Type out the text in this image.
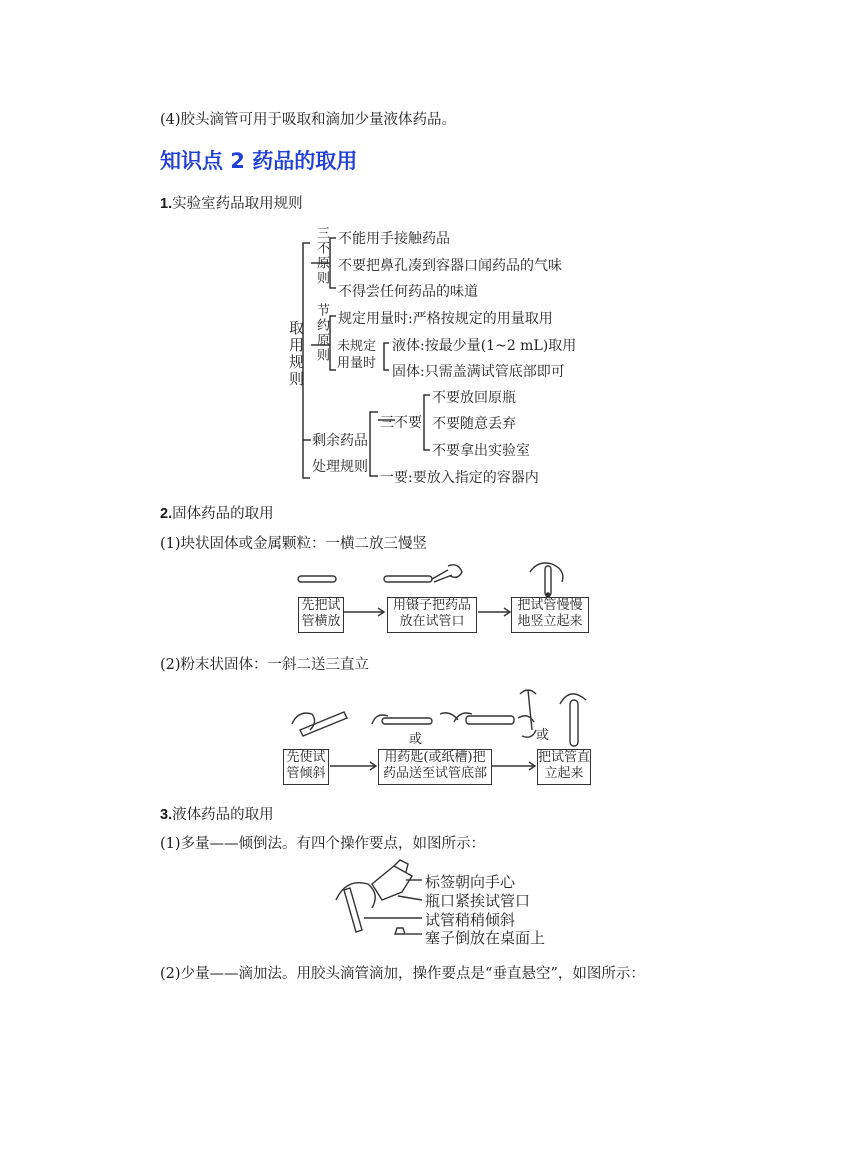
(4)胶头滴管可用于吸取和滴加少量液体药品。
知识点 2 药品的取用
1.实验室药品取用规则
取用规则
三不原则
节约原则
不能用手接触药品
不要把鼻孔凑到容器口闻药品的气味
不得尝任何药品的味道
规定用量时:严格按规定的用量取用
未规定用量时
液体:按最少量(1~2 mL)取用
固体:只需盖满试管底部即可
剩余药品处理规则
三不要
不要放回原瓶
不要随意丢弃
不要拿出实验室
一要:要放入指定的容器内
2.固体药品的取用
(1)块状固体或金属颗粒：一横二放三慢竖
先把试管横放
用镊子把药品放在试管口
把试管慢慢地竖立起来
(2)粉末状固体：一斜二送三直立
或	或
先使试管倾斜
用药匙(或纸槽)把药品送至试管底部
把试管直立起来
3.液体药品的取用
(1)多量——倾倒法。有四个操作要点，如图所示：
标签朝向手心
瓶口紧挨试管口
试管稍稍倾斜
塞子倒放在桌面上
(2)少量——滴加法。用胶头滴管滴加，操作要点是“垂直悬空”，如图所示：
